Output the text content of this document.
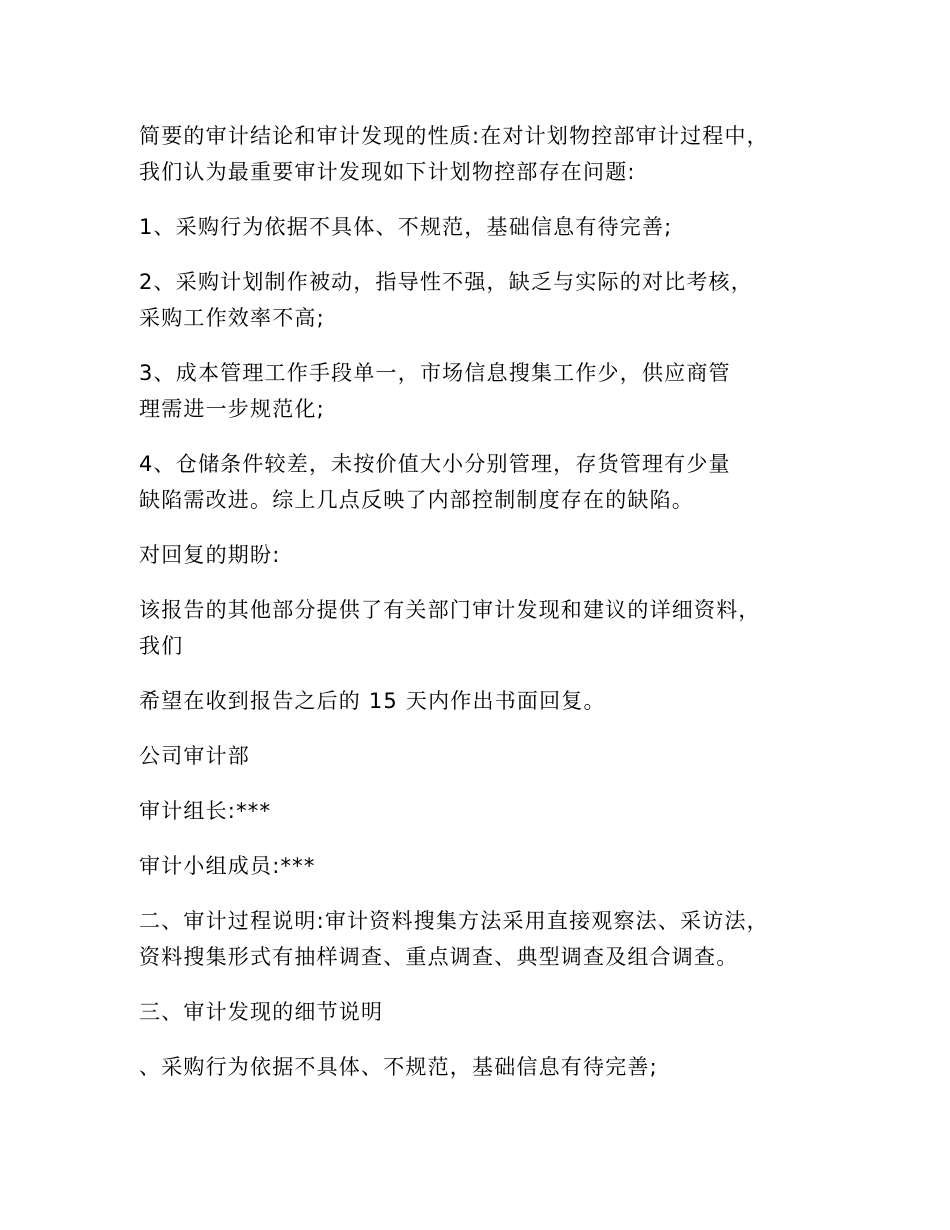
简要的审计结论和审计发现的性质:在对计划物控部审计过程中，
我们认为最重要审计发现如下计划物控部存在问题:

1、采购行为依据不具体、不规范，基础信息有待完善;

2、采购计划制作被动，指导性不强，缺乏与实际的对比考核，
采购工作效率不高;

3、成本管理工作手段单一，市场信息搜集工作少，供应商管
理需进一步规范化;

4、仓储条件较差，未按价值大小分别管理，存货管理有少量
缺陷需改进。综上几点反映了内部控制制度存在的缺陷。

对回复的期盼:

该报告的其他部分提供了有关部门审计发现和建议的详细资料，
我们

希望在收到报告之后的 15 天内作出书面回复。

公司审计部

审计组长:***

审计小组成员:***

二、审计过程说明:审计资料搜集方法采用直接观察法、采访法，
资料搜集形式有抽样调查、重点调查、典型调查及组合调查。

三、审计发现的细节说明

、采购行为依据不具体、不规范，基础信息有待完善;
